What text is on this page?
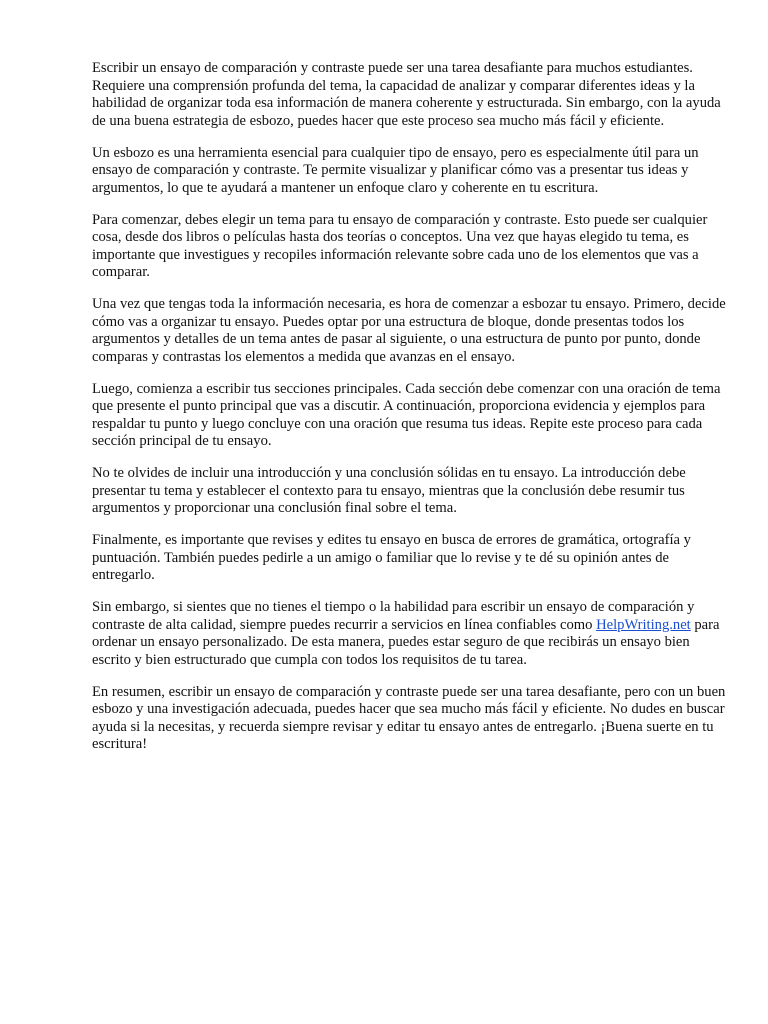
Escribir un ensayo de comparación y contraste puede ser una tarea desafiante para muchos estudiantes. Requiere una comprensión profunda del tema, la capacidad de analizar y comparar diferentes ideas y la habilidad de organizar toda esa información de manera coherente y estructurada. Sin embargo, con la ayuda de una buena estrategia de esbozo, puedes hacer que este proceso sea mucho más fácil y eficiente.

Un esbozo es una herramienta esencial para cualquier tipo de ensayo, pero es especialmente útil para un ensayo de comparación y contraste. Te permite visualizar y planificar cómo vas a presentar tus ideas y argumentos, lo que te ayudará a mantener un enfoque claro y coherente en tu escritura.

Para comenzar, debes elegir un tema para tu ensayo de comparación y contraste. Esto puede ser cualquier cosa, desde dos libros o películas hasta dos teorías o conceptos. Una vez que hayas elegido tu tema, es importante que investigues y recopiles información relevante sobre cada uno de los elementos que vas a comparar.

Una vez que tengas toda la información necesaria, es hora de comenzar a esbozar tu ensayo. Primero, decide cómo vas a organizar tu ensayo. Puedes optar por una estructura de bloque, donde presentas todos los argumentos y detalles de un tema antes de pasar al siguiente, o una estructura de punto por punto, donde comparas y contrastas los elementos a medida que avanzas en el ensayo.

Luego, comienza a escribir tus secciones principales. Cada sección debe comenzar con una oración de tema que presente el punto principal que vas a discutir. A continuación, proporciona evidencia y ejemplos para respaldar tu punto y luego concluye con una oración que resuma tus ideas. Repite este proceso para cada sección principal de tu ensayo.

No te olvides de incluir una introducción y una conclusión sólidas en tu ensayo. La introducción debe presentar tu tema y establecer el contexto para tu ensayo, mientras que la conclusión debe resumir tus argumentos y proporcionar una conclusión final sobre el tema.

Finalmente, es importante que revises y edites tu ensayo en busca de errores de gramática, ortografía y puntuación. También puedes pedirle a un amigo o familiar que lo revise y te dé su opinión antes de entregarlo.

Sin embargo, si sientes que no tienes el tiempo o la habilidad para escribir un ensayo de comparación y contraste de alta calidad, siempre puedes recurrir a servicios en línea confiables como HelpWriting.net para ordenar un ensayo personalizado. De esta manera, puedes estar seguro de que recibirás un ensayo bien escrito y bien estructurado que cumpla con todos los requisitos de tu tarea.

En resumen, escribir un ensayo de comparación y contraste puede ser una tarea desafiante, pero con un buen esbozo y una investigación adecuada, puedes hacer que sea mucho más fácil y eficiente. No dudes en buscar ayuda si la necesitas, y recuerda siempre revisar y editar tu ensayo antes de entregarlo. ¡Buena suerte en tu escritura!
